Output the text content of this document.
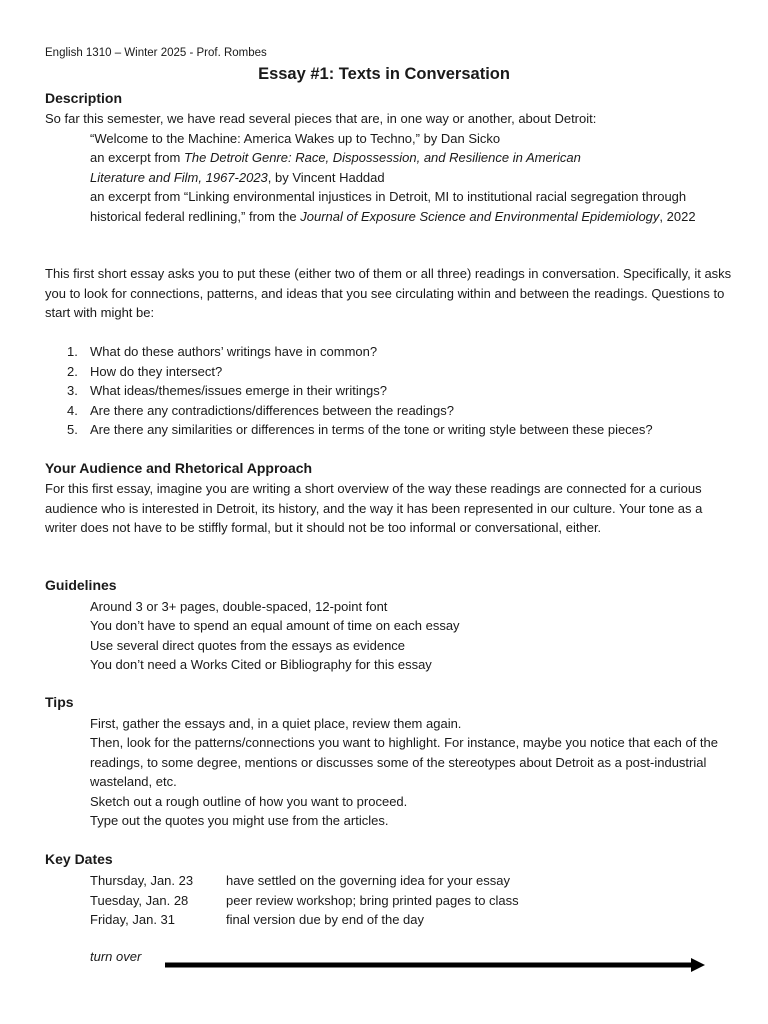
English 1310 – Winter 2025 - Prof. Rombes
Essay #1: Texts in Conversation
Description
So far this semester, we have read several pieces that are, in one way or another, about Detroit:
“Welcome to the Machine: America Wakes up to Techno,” by Dan Sicko
an excerpt from The Detroit Genre: Race, Dispossession, and Resilience in American Literature and Film, 1967-2023, by Vincent Haddad
an excerpt from “Linking environmental injustices in Detroit, MI to institutional racial segregation through historical federal redlining,” from the Journal of Exposure Science and Environmental Epidemiology, 2022
This first short essay asks you to put these (either two of them or all three) readings in conversation. Specifically, it asks you to look for connections, patterns, and ideas that you see circulating within and between the readings. Questions to start with might be:
1. What do these authors’ writings have in common?
2. How do they intersect?
3. What ideas/themes/issues emerge in their writings?
4. Are there any contradictions/differences between the readings?
5. Are there any similarities or differences in terms of the tone or writing style between these pieces?
Your Audience and Rhetorical Approach
For this first essay, imagine you are writing a short overview of the way these readings are connected for a curious audience who is interested in Detroit, its history, and the way it has been represented in our culture. Your tone as a writer does not have to be stiffly formal, but it should not be too informal or conversational, either.
Guidelines
Around 3 or 3+ pages, double-spaced, 12-point font
You don’t have to spend an equal amount of time on each essay
Use several direct quotes from the essays as evidence
You don’t need a Works Cited or Bibliography for this essay
Tips
First, gather the essays and, in a quiet place, review them again.
Then, look for the patterns/connections you want to highlight. For instance, maybe you notice that each of the readings, to some degree, mentions or discusses some of the stereotypes about Detroit as a post-industrial wasteland, etc.
Sketch out a rough outline of how you want to proceed.
Type out the quotes you might use from the articles.
Key Dates
Thursday, Jan. 23	have settled on the governing idea for your essay
Tuesday, Jan. 28	peer review workshop; bring printed pages to class
Friday, Jan. 31	final version due by end of the day
turn over
